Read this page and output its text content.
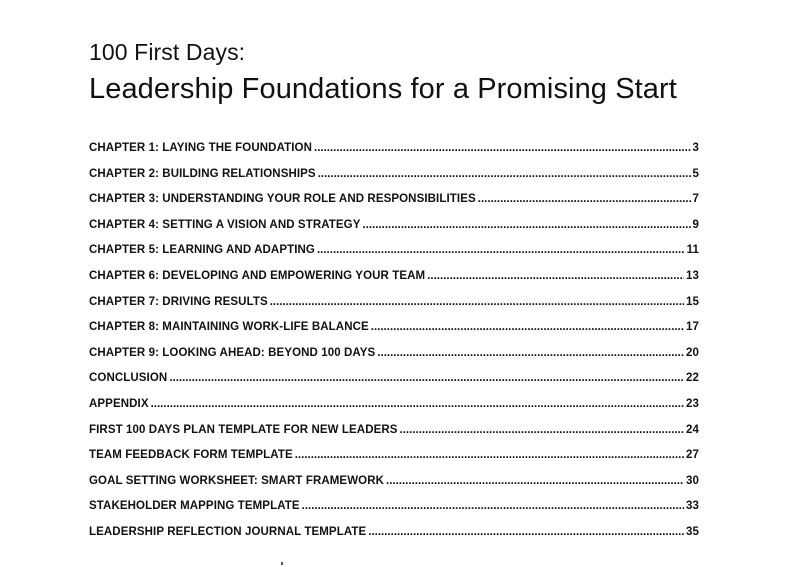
100 First Days:
Leadership Foundations for a Promising Start
CHAPTER 1: LAYING THE FOUNDATION .....	3
CHAPTER 2: BUILDING RELATIONSHIPS .....	5
CHAPTER 3: UNDERSTANDING YOUR ROLE AND RESPONSIBILITIES .....	7
CHAPTER 4: SETTING A VISION AND STRATEGY .....	9
CHAPTER 5: LEARNING AND ADAPTING .....	11
CHAPTER 6: DEVELOPING AND EMPOWERING YOUR TEAM .....	13
CHAPTER 7: DRIVING RESULTS .....	15
CHAPTER 8: MAINTAINING WORK-LIFE BALANCE .....	17
CHAPTER 9: LOOKING AHEAD: BEYOND 100 DAYS .....	20
CONCLUSION .....	22
APPENDIX .....	23
FIRST 100 DAYS PLAN TEMPLATE FOR NEW LEADERS .....	24
TEAM FEEDBACK FORM TEMPLATE .....	27
GOAL SETTING WORKSHEET: SMART FRAMEWORK .....	30
STAKEHOLDER MAPPING TEMPLATE .....	33
LEADERSHIP REFLECTION JOURNAL TEMPLATE .....	35
